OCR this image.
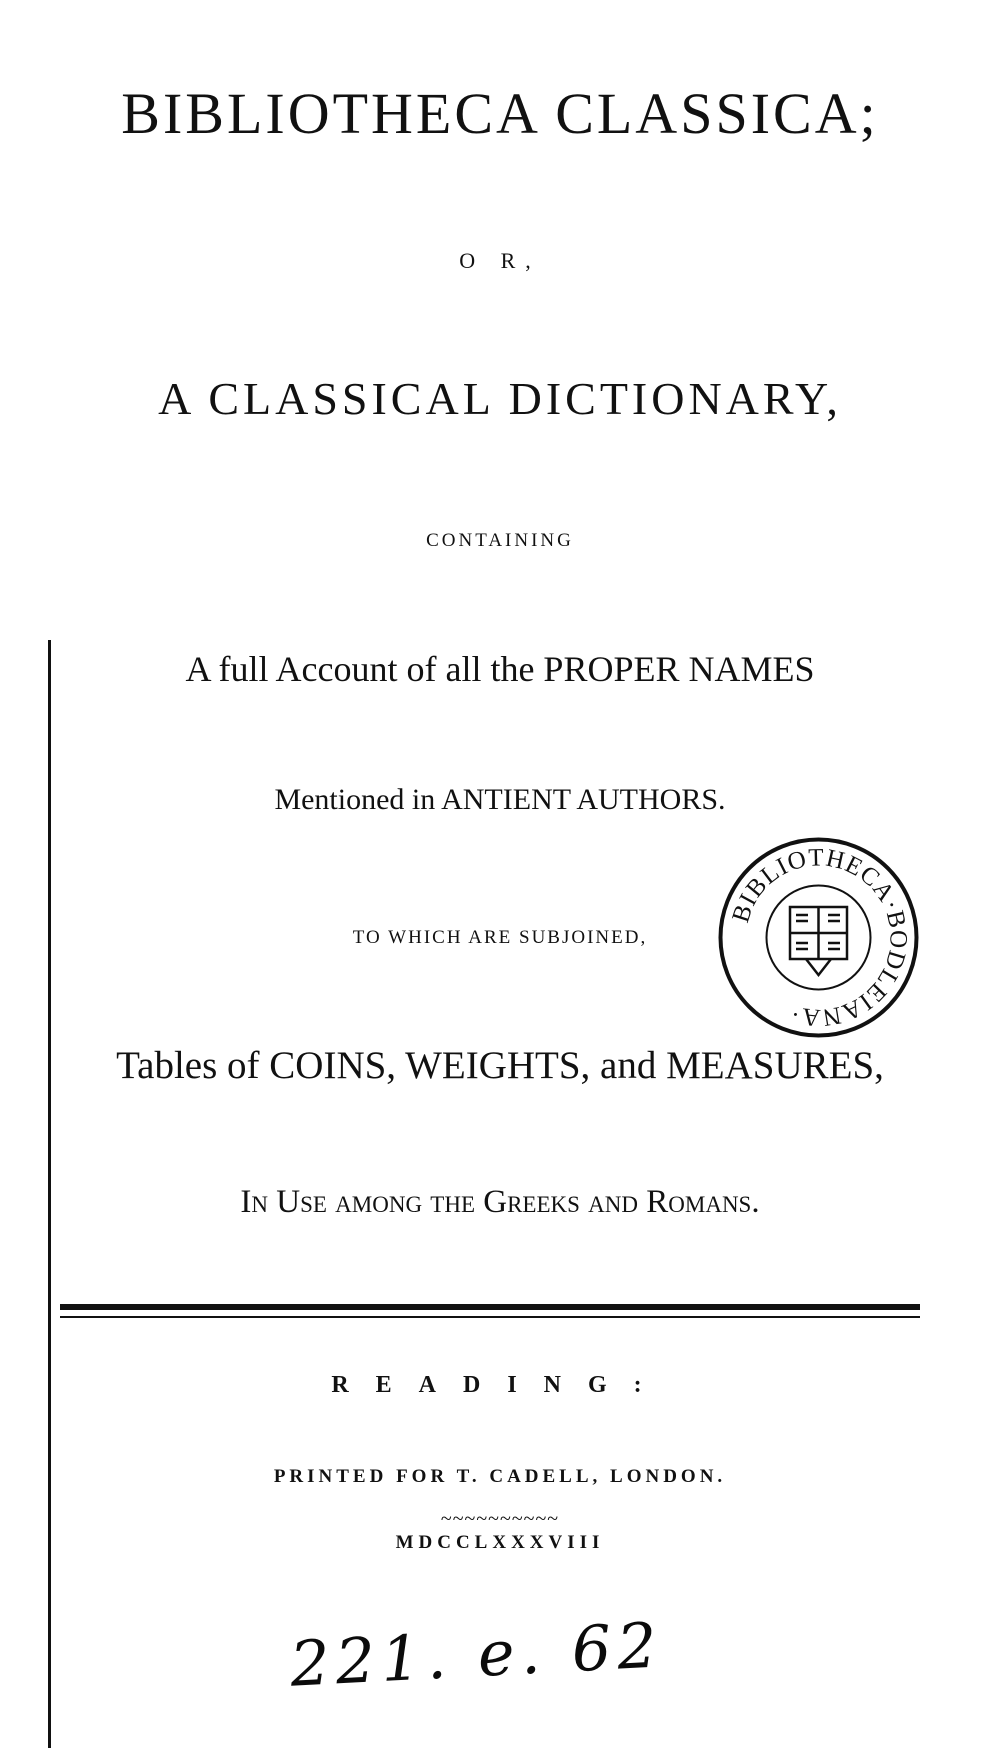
BIBLIOTHECA CLASSICA;
O R,
A CLASSICAL DICTIONARY,
CONTAINING
A full Account of all the PROPER NAMES
Mentioned in ANTIENT AUTHORS.
TO WHICH ARE SUBJOINED,
Tables of COINS, WEIGHTS, and MEASURES,
In Use among the Greeks and Romans.
READING:
PRINTED FOR T. CADELL, LONDON.
~~~~~~~~~~
MDCCLXXXVIII
221. e. 62
BIBLIOTHECA·BODLEIANA·
